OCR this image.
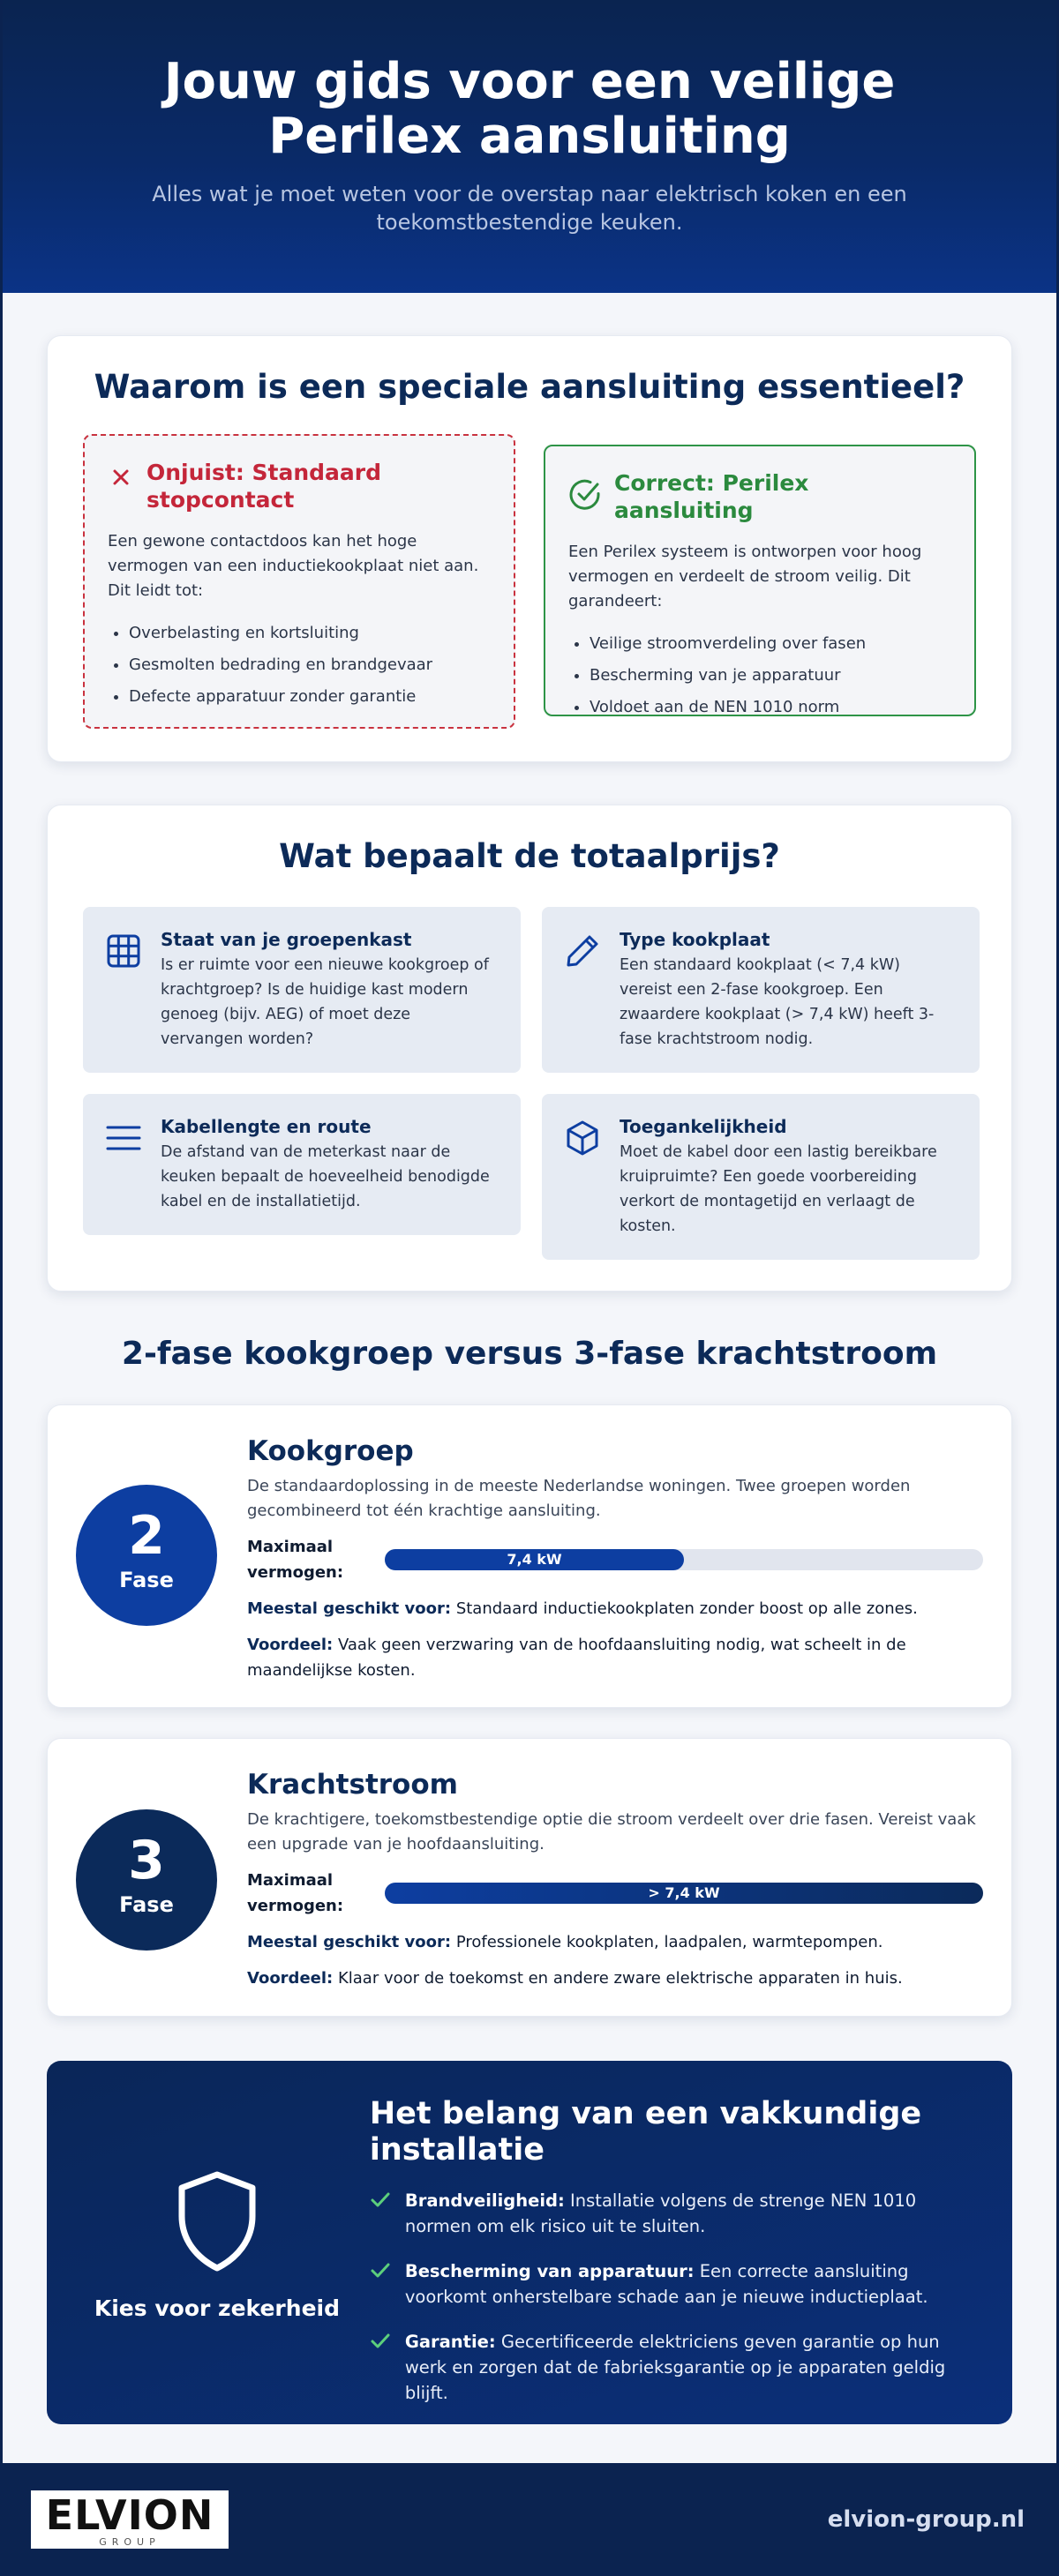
Jouw gids voor een veilige Perilex aansluiting

Alles wat je moet weten voor de overstap naar elektrisch koken en een toekomstbestendige keuken.

Waarom is een speciale aansluiting essentieel?
Onjuist: Standaard stopcontact

Een gewone contactdoos kan het hoge vermogen van een inductiekookplaat niet aan. Dit leidt tot:

• Overbelasting en kortsluiting
• Gesmolten bedrading en brandgevaar
• Defecte apparatuur zonder garantie
Correct: Perilex aansluiting

Een Perilex systeem is ontworpen voor hoog vermogen en verdeelt de stroom veilig. Dit garandeert:

• Veilige stroomverdeling over fasen
• Bescherming van je apparatuur
• Voldoet aan de NEN 1010 norm
Wat bepaalt de totaalprijs?
Staat van je groepenkast
Is er ruimte voor een nieuwe kookgroep of krachtgroep? Is de huidige kast modern genoeg (bijv. AEG) of moet deze vervangen worden?
Type kookplaat
Een standaard kookplaat (< 7,4 kW) vereist een 2-fase kookgroep. Een zwaardere kookplaat (> 7,4 kW) heeft 3-fase krachtstroom nodig.
Kabellengte en route
De afstand van de meterkast naar de keuken bepaalt de hoeveelheid benodigde kabel en de installatietijd.
Toegankelijkheid
Moet de kabel door een lastig bereikbare kruipruimte? Een goede voorbereiding verkort de montagetijd en verlaagt de kosten.
2-fase kookgroep versus 3-fase krachtstroom
2
Fase
Kookgroep
De standaardoplossing in de meeste Nederlandse woningen. Twee groepen worden gecombineerd tot één krachtige aansluiting.
Maximaal vermogen:
7,4 kW
Meestal geschikt voor: Standaard inductiekookplaten zonder boost op alle zones.
Voordeel: Vaak geen verzwaring van de hoofdaansluiting nodig, wat scheelt in de maandelijkse kosten.
3
Fase
Krachtstroom
De krachtigere, toekomstbestendige optie die stroom verdeelt over drie fasen. Vereist vaak een upgrade van je hoofdaansluiting.
Maximaal vermogen:
> 7,4 kW
Meestal geschikt voor: Professionele kookplaten, laadpalen, warmtepompen.
Voordeel: Klaar voor de toekomst en andere zware elektrische apparaten in huis.
Kies voor zekerheid
Het belang van een vakkundige installatie
Brandveiligheid: Installatie volgens de strenge NEN 1010 normen om elk risico uit te sluiten.
Bescherming van apparatuur: Een correcte aansluiting voorkomt onherstelbare schade aan je nieuwe inductieplaat.
Garantie: Gecertificeerde elektriciens geven garantie op hun werk en zorgen dat de fabrieksgarantie op je apparaten geldig blijft.
ELVION
GROUP
elvion-group.nl
